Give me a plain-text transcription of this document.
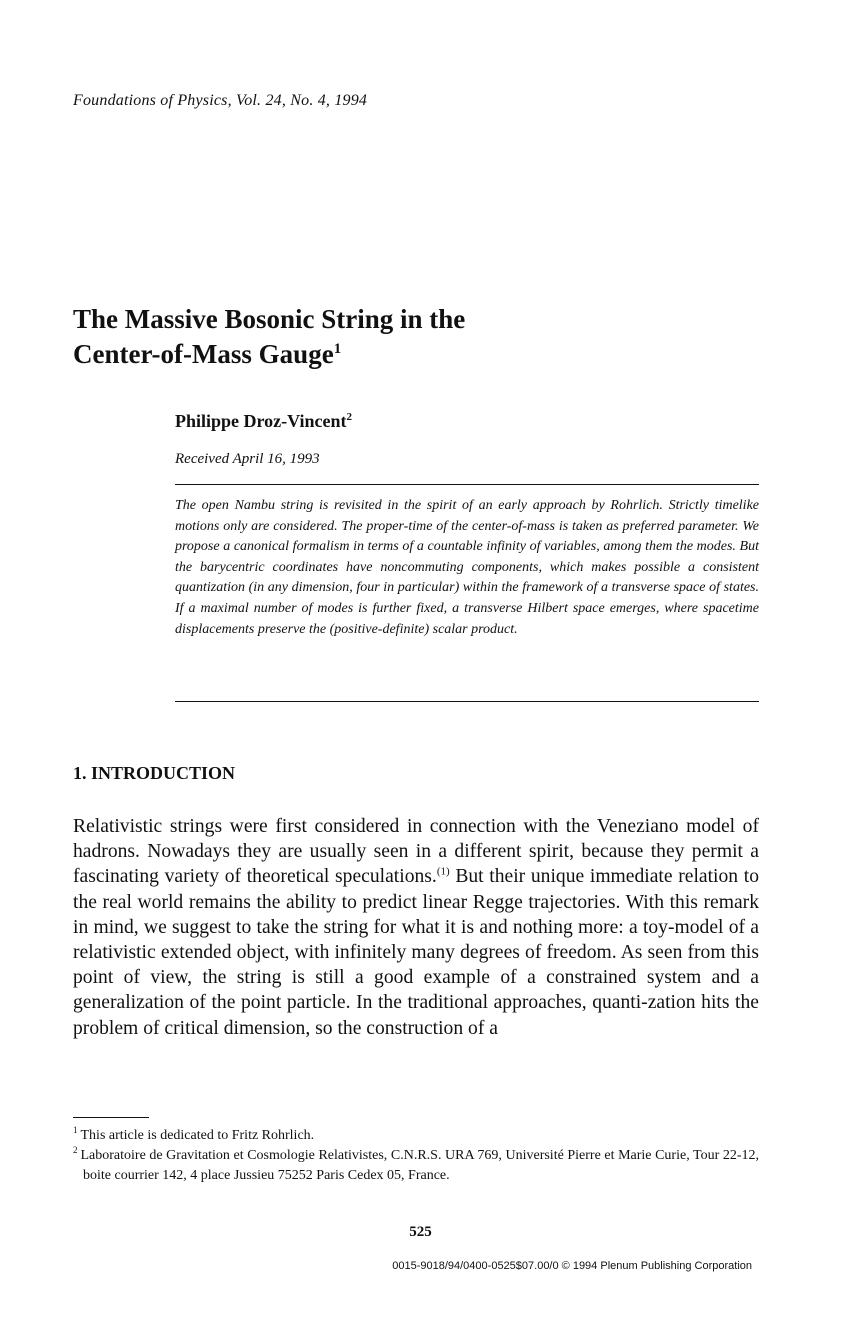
Foundations of Physics, Vol. 24, No. 4, 1994
The Massive Bosonic String in the
Center-of-Mass Gauge$^1$
Philippe Droz-Vincent$^2$
Received April 16, 1993

The open Nambu string is revisited in the spirit of an early approach by Rohrlich. Strictly timelike motions only are considered. The proper-time of the center-of-mass is taken as preferred parameter. We propose a canonical formalism in terms of a countable infinity of variables, among them the modes. But the barycentric coordinates have noncommuting components, which makes possible a consistent quantization (in any dimension, four in particular) within the framework of a transverse space of states. If a maximal number of modes is further fixed, a transverse Hilbert space emerges, where spacetime displacements preserve the (positive-definite) scalar product.

1. INTRODUCTION

Relativistic strings were first considered in connection with the Veneziano model of hadrons. Nowadays they are usually seen in a different spirit, because they permit a fascinating variety of theoretical speculations.$^{(1)}$ But their unique immediate relation to the real world remains the ability to predict linear Regge trajectories. With this remark in mind, we suggest to take the string for what it is and nothing more: a toy-model of a relativistic extended object, with infinitely many degrees of freedom. As seen from this point of view, the string is still a good example of a constrained system and a generalization of the point particle. In the traditional approaches, quanti-zation hits the problem of critical dimension, so the construction of a

$^1$ This article is dedicated to Fritz Rohrlich.

$^2$ Laboratoire de Gravitation et Cosmologie Relativistes, C.N.R.S. URA 769, Université Pierre et Marie Curie, Tour 22-12, boite courrier 142, 4 place Jussieu 75252 Paris Cedex 05, France.

525
0015-9018/94/0400-0525$07.00/0 © 1994 Plenum Publishing Corporation
